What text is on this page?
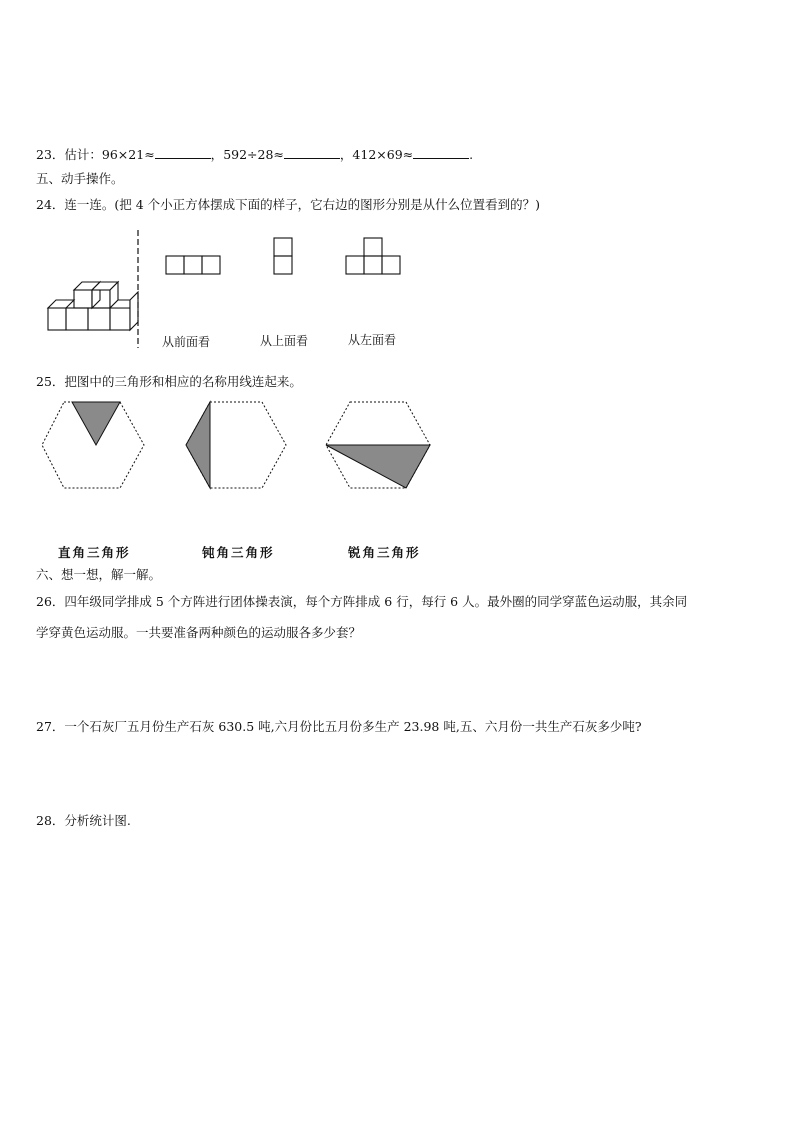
23．估计：96×21≈	，592÷28≈	，412×69≈	.
五、动手操作。
24．连一连。(把 4 个小正方体摆成下面的样子，它右边的图形分别是从什么位置看到的？)
从前面看	从上面看	从左面看
25．把图中的三角形和相应的名称用线连起来。
直角三角形	钝角三角形	锐角三角形
六、想一想，解一解。
26．四年级同学排成 5 个方阵进行团体操表演，每个方阵排成 6 行，每行 6 人。最外圈的同学穿蓝色运动服，其余同
学穿黄色运动服。一共要准备两种颜色的运动服各多少套？
27．一个石灰厂五月份生产石灰 630.5 吨,六月份比五月份多生产 23.98 吨,五、六月份一共生产石灰多少吨?
28．分析统计图.
